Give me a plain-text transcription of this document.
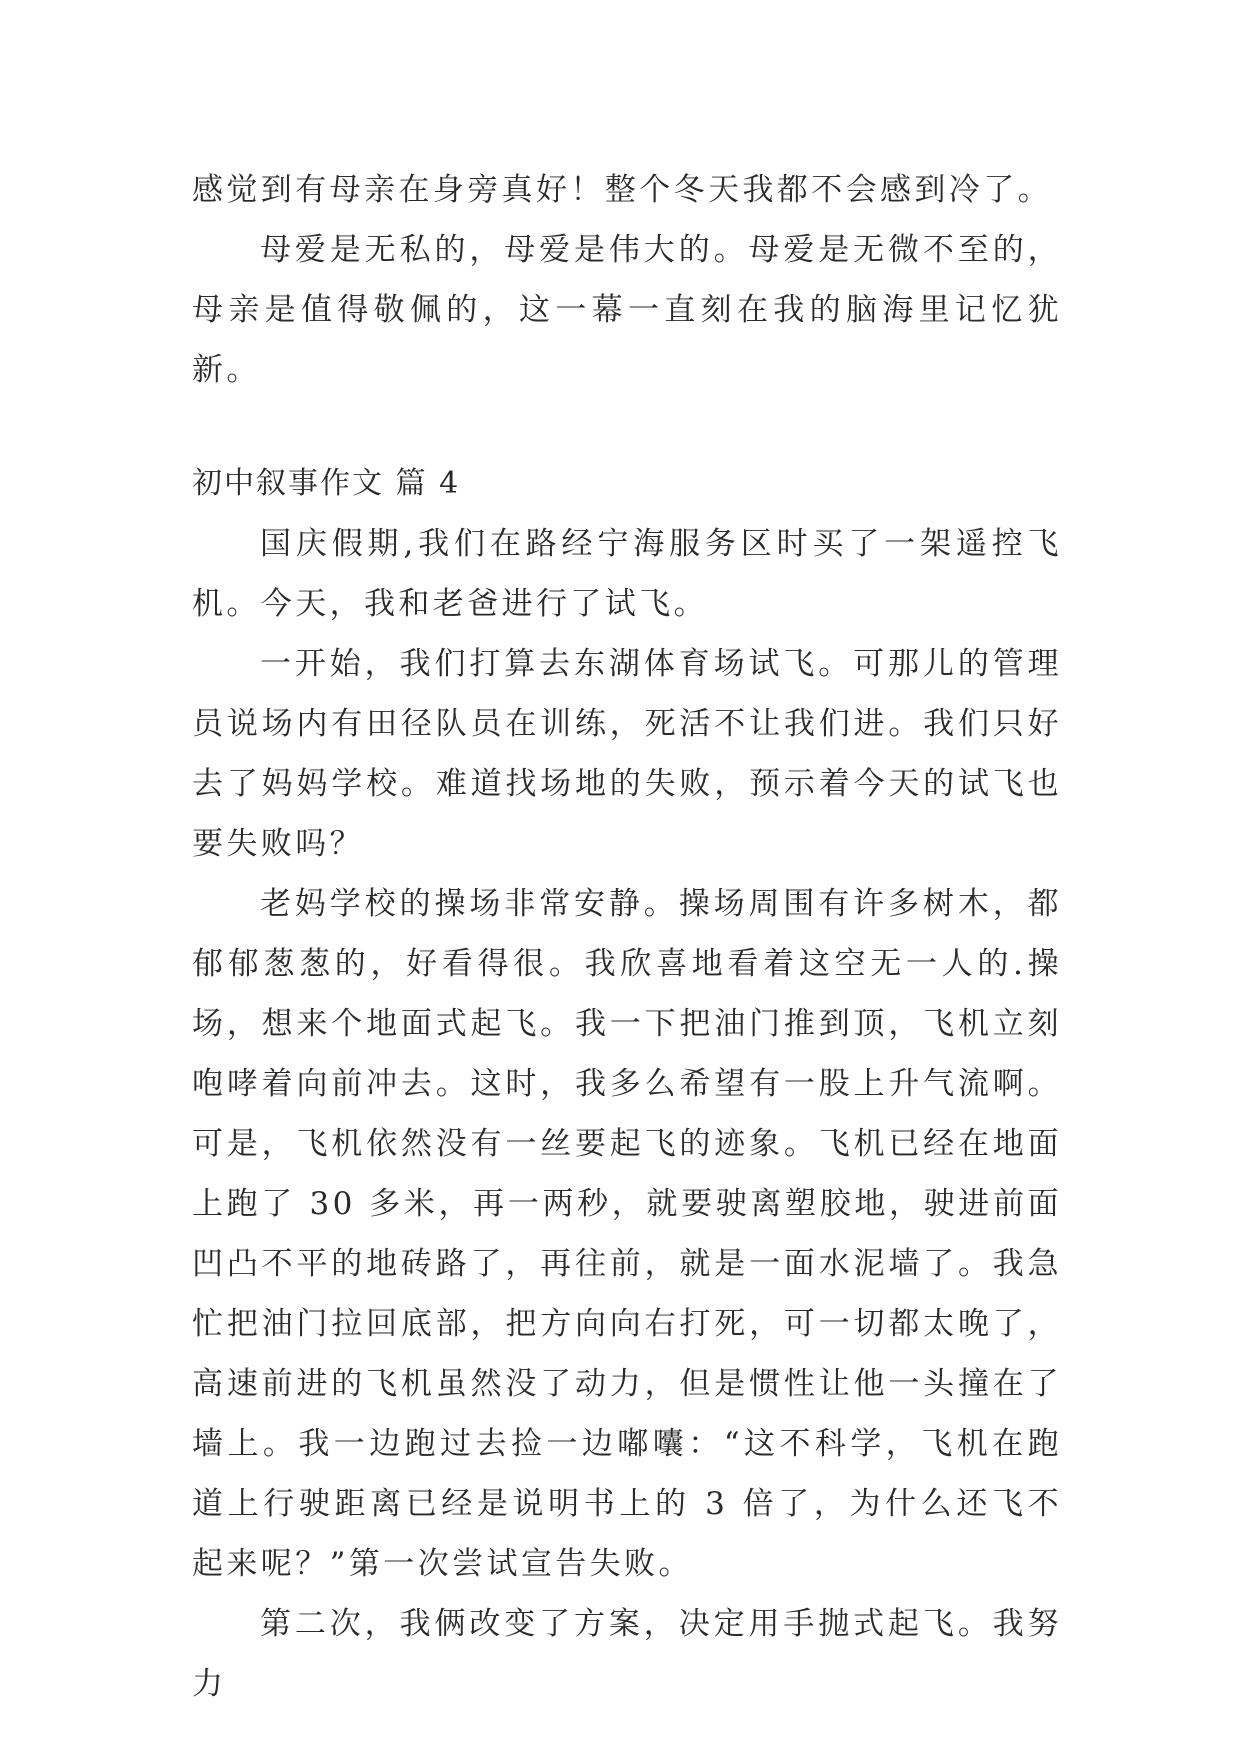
感觉到有母亲在身旁真好！整个冬天我都不会感到冷了。

母爱是无私的，母爱是伟大的。母爱是无微不至的，母亲是值得敬佩的，这一幕一直刻在我的脑海里记忆犹新。

初中叙事作文 篇 4

国庆假期,我们在路经宁海服务区时买了一架遥控飞机。今天，我和老爸进行了试飞。

一开始，我们打算去东湖体育场试飞。可那儿的管理员说场内有田径队员在训练，死活不让我们进。我们只好去了妈妈学校。难道找场地的失败，预示着今天的试飞也要失败吗？

老妈学校的操场非常安静。操场周围有许多树木，都郁郁葱葱的，好看得很。我欣喜地看着这空无一人的.操场，想来个地面式起飞。我一下把油门推到顶，飞机立刻咆哮着向前冲去。这时，我多么希望有一股上升气流啊。可是，飞机依然没有一丝要起飞的迹象。飞机已经在地面上跑了 30 多米，再一两秒，就要驶离塑胶地，驶进前面凹凸不平的地砖路了，再往前，就是一面水泥墙了。我急忙把油门拉回底部，把方向向右打死，可一切都太晚了，高速前进的飞机虽然没了动力，但是惯性让他一头撞在了墙上。我一边跑过去捡一边嘟囔：“这不科学，飞机在跑道上行驶距离已经是说明书上的 3 倍了，为什么还飞不起来呢？”第一次尝试宣告失败。

第二次，我俩改变了方案，决定用手抛式起飞。我努力
